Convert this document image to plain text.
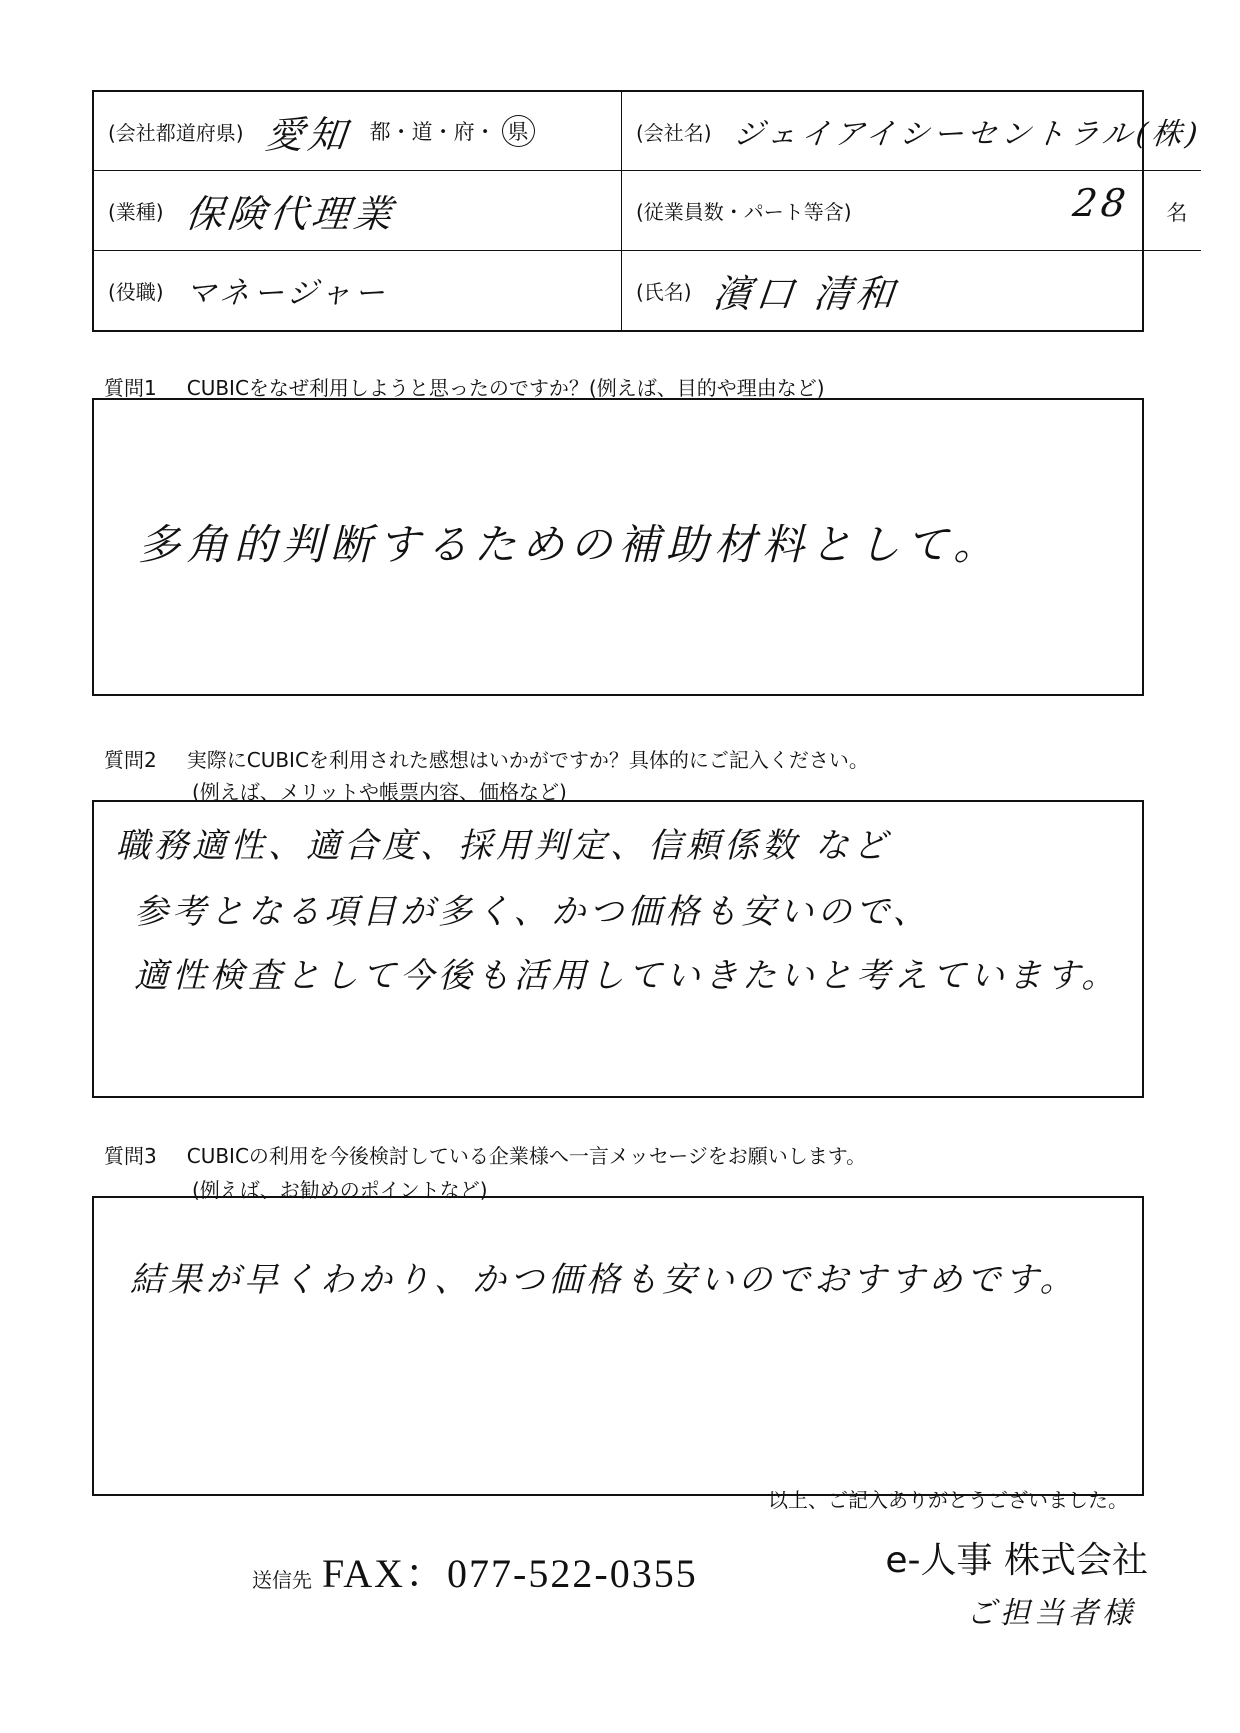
(会社都道府県) 愛知 都・道・府・ 県	(会社名) ジェイアイシーセントラル(株)
(業種) 保険代理業	(従業員数・パート等含)	28 名
(役職) マネージャー	(氏名) 濱口 清和
質問1 CUBICをなぜ利用しようと思ったのですか？(例えば、目的や理由など)
多角的判断するための補助材料として。
質問2 実際にCUBICを利用された感想はいかがですか？具体的にご記入ください。
(例えば、メリットや帳票内容、価格など)
職務適性、適合度、採用判定、信頼係数 など
参考となる項目が多く、かつ価格も安いので、
適性検査として今後も活用していきたいと考えています。
質問3 CUBICの利用を今後検討している企業様へ一言メッセージをお願いします。
(例えば、お勧めのポイントなど)
結果が早くわかり、かつ価格も安いのでおすすめです。
以上、ご記入ありがとうございました。
送信先 FAX：077-522-0355	e-人事 株式会社
ご担当者様
